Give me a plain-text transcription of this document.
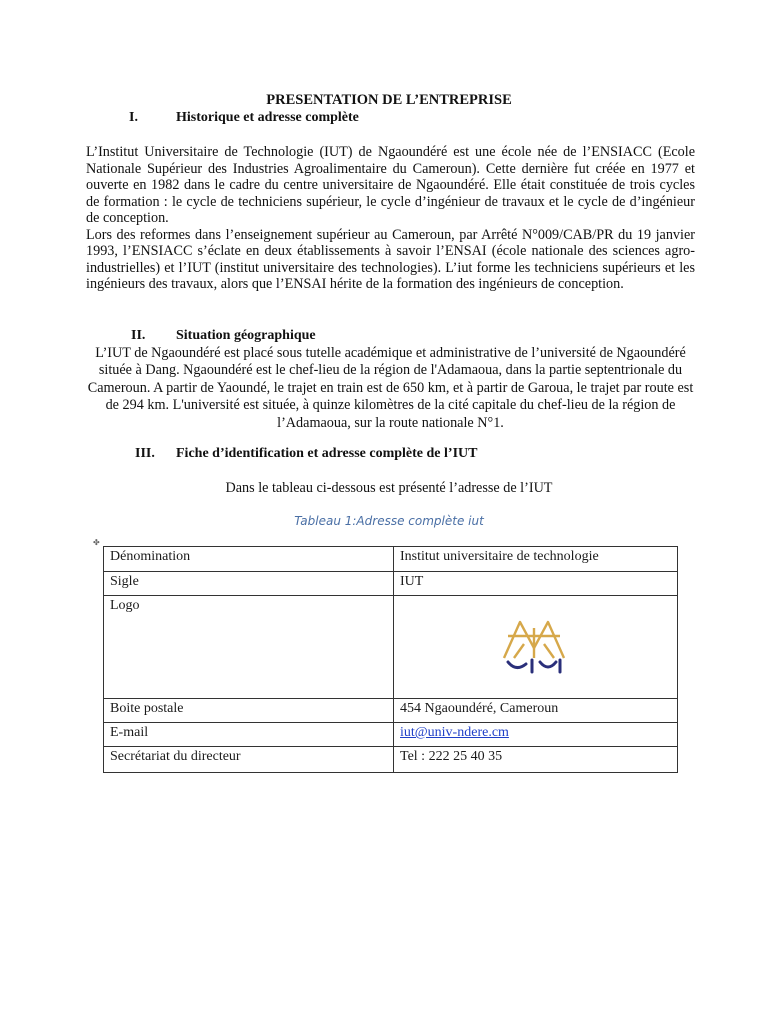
PRESENTATION DE L’ENTREPRISE
I.	Historique et adresse complète

L’Institut Universitaire de Technologie (IUT) de Ngaoundéré est une école née de l’ENSIACC (Ecole Nationale Supérieur des Industries Agroalimentaire du Cameroun). Cette dernière fut créée en 1977 et ouverte en 1982 dans le cadre du centre universitaire de Ngaoundéré. Elle était constituée de trois cycles de formation : le cycle de techniciens supérieur, le cycle d’ingénieur de travaux et le cycle de d’ingénieur de conception.

Lors des reformes dans l’enseignement supérieur au Cameroun, par Arrêté N°009/CAB/PR du 19 janvier 1993, l’ENSIACC s’éclate en deux établissements à savoir l’ENSAI (école nationale des sciences agro-industrielles) et l’IUT (institut universitaire des technologies). L’iut forme les techniciens supérieurs et les ingénieurs des travaux, alors que l’ENSAI hérite de la formation des ingénieurs de conception.

II. Situation géographique
L’IUT de Ngaoundéré est placé sous tutelle académique et administrative de l’université de Ngaoundéré située à Dang. Ngaoundéré est le chef-lieu de la région de l'Adamaoua, dans la partie septentrionale du Cameroun. A partir de Yaoundé, le trajet en train est de 650 km, et à partir de Garoua, le trajet par route est de 294 km. L'université est située, à quinze kilomètres de la cité capitale du chef-lieu de la région de l’Adamaoua, sur la route nationale N°1.
III. Fiche d’identification et adresse complète de l’IUT
Dans le tableau ci-dessous est présenté l’adresse de l’IUT
Tableau 1:Adresse complète iut
✤
Dénomination	Institut universitaire de technologie
Sigle	IUT
Logo	

Boite postale	454 Ngaoundéré, Cameroun
E-mail	iut@univ-ndere.cm
Secrétariat du directeur	Tel : 222 25 40 35
